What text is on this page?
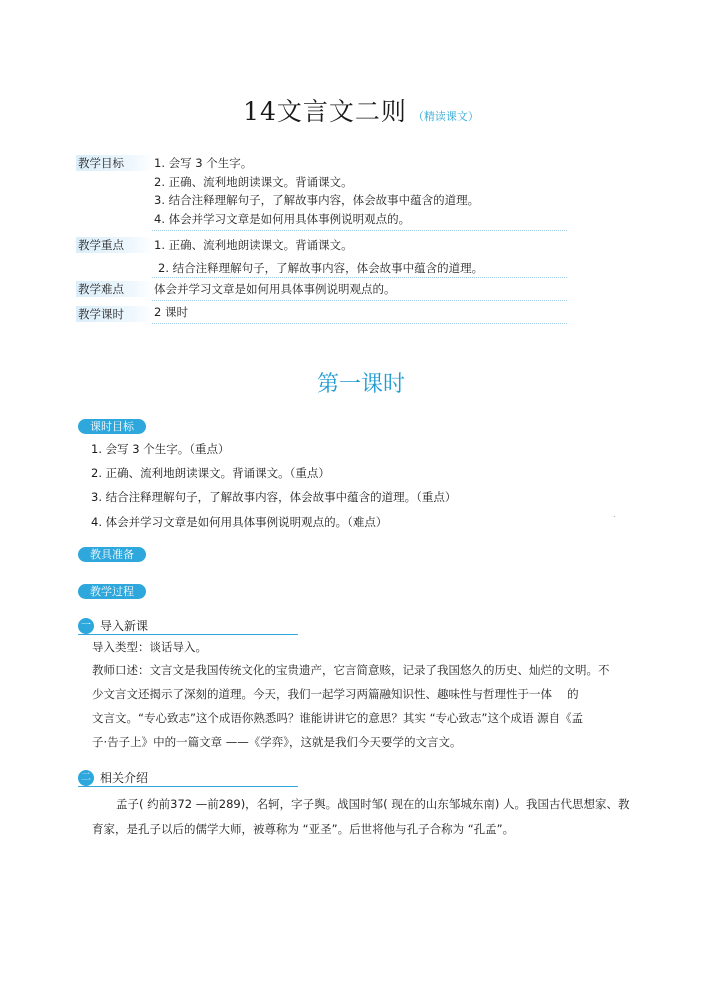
14文言文二则 （精读课文）
教学目标	1. 会写 3 个生字。
2. 正确、流利地朗读课文。背诵课文。
3. 结合注释理解句子，了解故事内容，体会故事中蕴含的道理。
4. 体会并学习文章是如何用具体事例说明观点的。
教学重点	1. 正确、流利地朗读课文。背诵课文。
2. 结合注释理解句子，了解故事内容，体会故事中蕴含的道理。
教学难点	体会并学习文章是如何用具体事例说明观点的。
教学课时	2 课时
第一课时
课时目标
1. 会写 3 个生字。（重点）
2. 正确、流利地朗读课文。背诵课文。（重点）
3. 结合注释理解句子，了解故事内容，体会故事中蕴含的道理。（重点）
4. 体会并学习文章是如何用具体事例说明观点的。（难点）
.
教具准备
教学过程
一 导入新课
导入类型：谈话导入。
教师口述：文言文是我国传统文化的宝贵遗产，它言简意赅，记录了我国悠久的历史、灿烂的文明。不
少文言文还揭示了深刻的道理。今天，我们一起学习两篇融知识性、趣味性与哲理性于一体　 的
文言文。“专心致志”这个成语你熟悉吗？谁能讲讲它的意思？其实 “专心致志”这个成语 源自《孟
子·告子上》中的一篇文章 ——《学弈》，这就是我们今天要学的文言文。
二 相关介绍
孟子( 约前372 —前289)，名轲，字子舆。战国时邹( 现在的山东邹城东南) 人。我国古代思想家、教
育家，是孔子以后的儒学大师，被尊称为 “亚圣”。后世将他与孔子合称为 “孔孟”。
